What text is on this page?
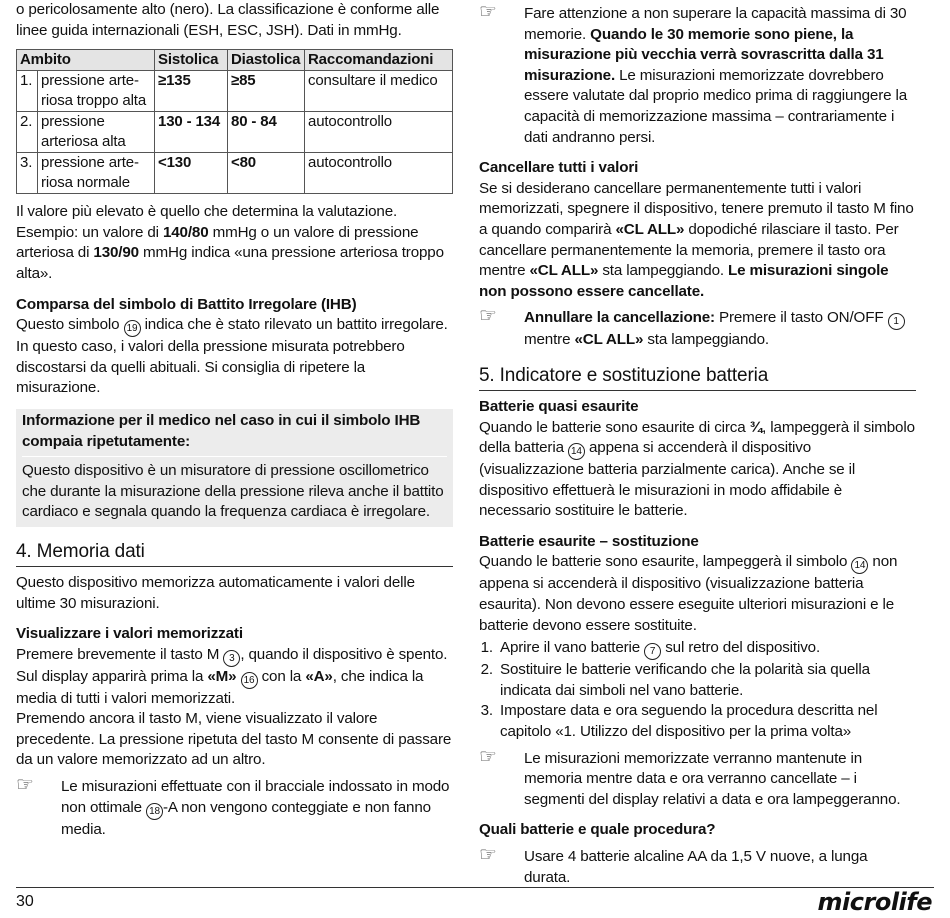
o pericolosamente alto (nero). La classificazione è conforme alle linee guida internazionali (ESH, ESC, JSH). Dati in mmHg.

Ambito		Sistolica	Diastolica	Raccomandazioni
1.	pressione arte-riosa troppo alta	≥135	≥85	consultare il medico
2.	pressione arteriosa alta	130 - 134	80 - 84	autocontrollo
3.	pressione arte-riosa normale	<130	<80	autocontrollo

Il valore più elevato è quello che determina la valutazione. Esempio: un valore di 140/80 mmHg o un valore di pressione arteriosa di 130/90 mmHg indica «una pressione arteriosa troppo alta».

Comparsa del simbolo di Battito Irregolare (IHB)

Questo simbolo 19 indica che è stato rilevato un battito irregolare. In questo caso, i valori della pressione misurata potrebbero discostarsi da quelli abituali. Si consiglia di ripetere la misurazione.

Informazione per il medico nel caso in cui il simbolo IHB compaia ripetutamente:
Questo dispositivo è un misuratore di pressione oscillometrico che durante la misurazione della pressione rileva anche il battito cardiaco e segnala quando la frequenza cardiaca è irregolare.
4. Memoria dati

Questo dispositivo memorizza automaticamente i valori delle ultime 30 misurazioni.

Visualizzare i valori memorizzati

Premere brevemente il tasto M 3 , quando il dispositivo è spento. Sul display apparirà prima la «M» 16 con la «A», che indica la media di tutti i valori memorizzati.

Premendo ancora il tasto M, viene visualizzato il valore precedente. La pressione ripetuta del tasto M consente di passare da un valore memorizzato ad un altro.

☞ Le misurazioni effettuate con il bracciale indossato in modo non ottimale 18 -A non vengono conteggiate e non fanno media.
☞ Fare attenzione a non superare la capacità massima di 30 memorie. Quando le 30 memorie sono piene, la misurazione più vecchia verrà sovrascritta dalla 31 misurazione. Le misurazioni memorizzate dovrebbero essere valutate dal proprio medico prima di raggiungere la capacità di memorizzazione massima – contrariamente i dati andranno persi.

Cancellare tutti i valori

Se si desiderano cancellare permanentemente tutti i valori memorizzati, spegnere il dispositivo, tenere premuto il tasto M fino a quando comparirà «CL ALL» dopodiché rilasciare il tasto. Per cancellare permanentemente la memoria, premere il tasto ora mentre «CL ALL» sta lampeggiando. Le misurazioni singole non possono essere cancellate.

☞ Annullare la cancellazione: Premere il tasto ON/OFF 1 mentre «CL ALL» sta lampeggiando.
5. Indicatore e sostituzione batteria

Batterie quasi esaurite

Quando le batterie sono esaurite di circa ¾, lampeggerà il simbolo della batteria 14 appena si accenderà il dispositivo (visualizzazione batteria parzialmente carica). Anche se il dispositivo effettuerà le misurazioni in modo affidabile è necessario sostituire le batterie.

Batterie esaurite – sostituzione

Quando le batterie sono esaurite, lampeggerà il simbolo 14 non appena si accenderà il dispositivo (visualizzazione batteria esaurita). Non devono essere eseguite ulteriori misurazioni e le batterie devono essere sostituite.

1. Aprire il vano batterie 7 sul retro del dispositivo.
2. Sostituire le batterie verificando che la polarità sia quella indicata dai simboli nel vano batterie.
3. Impostare data e ora seguendo la procedura descritta nel capitolo «1. Utilizzo del dispositivo per la prima volta»
☞ Le misurazioni memorizzate verranno mantenute in memoria mentre data e ora verranno cancellate – i segmenti del display relativi a data e ora lampeggeranno.

Quali batterie e quale procedura?

☞ Usare 4 batterie alcaline AA da 1,5 V nuove, a lunga durata.
30	microlife
